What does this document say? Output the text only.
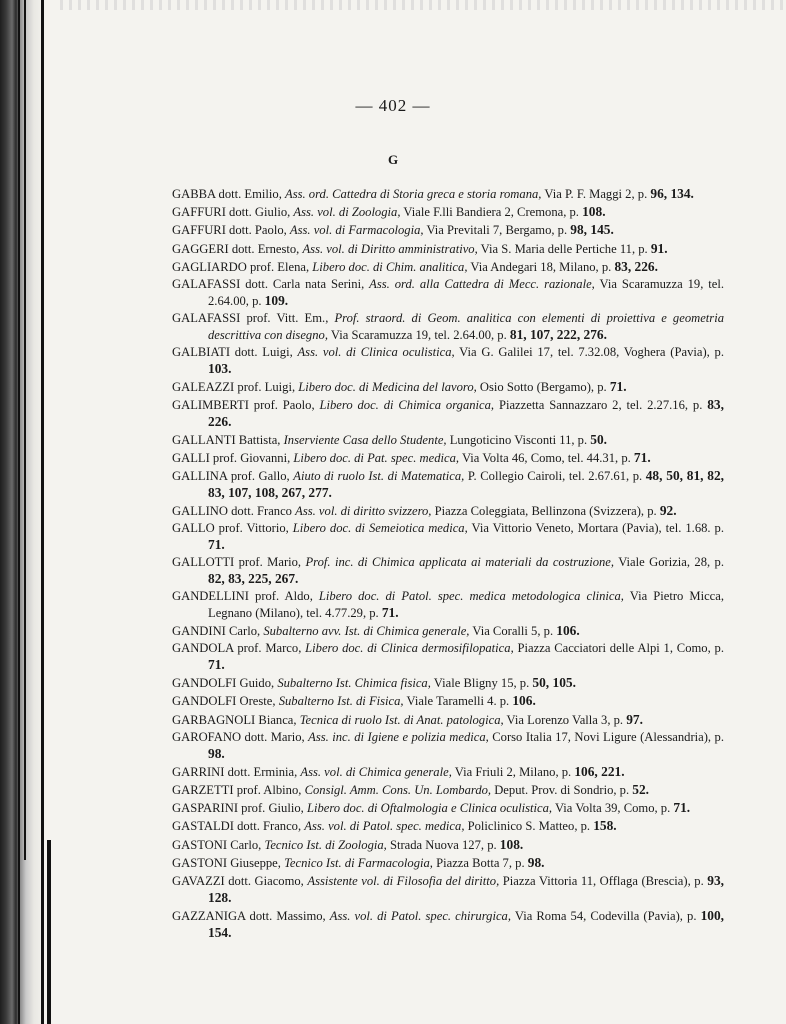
— 402 —
G
GABBA dott. Emilio, Ass. ord. Cattedra di Storia greca e storia romana, Via P. F. Maggi 2, p. 96, 134.
GAFFURI dott. Giulio, Ass. vol. di Zoologia, Viale F.lli Bandiera 2, Cremona, p. 108.
GAFFURI dott. Paolo, Ass. vol. di Farmacologia, Via Previtali 7, Bergamo, p. 98, 145.
GAGGERI dott. Ernesto, Ass. vol. di Diritto amministrativo, Via S. Maria delle Pertiche 11, p. 91.
GAGLIARDO prof. Elena, Libero doc. di Chim. analitica, Via Andegari 18, Milano, p. 83, 226.
GALAFASSI dott. Carla nata Serini, Ass. ord. alla Cattedra di Mecc. razionale, Via Scaramuzza 19, tel. 2.64.00, p. 109.
GALAFASSI prof. Vitt. Em., Prof. straord. di Geom. analitica con elementi di proiettiva e geometria descrittiva con disegno, Via Scaramuzza 19, tel. 2.64.00, p. 81, 107, 222, 276.
GALBIATI dott. Luigi, Ass. vol. di Clinica oculistica, Via G. Galilei 17, tel. 7.32.08, Voghera (Pavia), p. 103.
GALEAZZI prof. Luigi, Libero doc. di Medicina del lavoro, Osio Sotto (Bergamo), p. 71.
GALIMBERTI prof. Paolo, Libero doc. di Chimica organica, Piazzetta Sannazzaro 2, tel. 2.27.16, p. 83, 226.
GALLANTI Battista, Inserviente Casa dello Studente, Lungoticino Visconti 11, p. 50.
GALLI prof. Giovanni, Libero doc. di Pat. spec. medica, Via Volta 46, Como, tel. 44.31, p. 71.
GALLINA prof. Gallo, Aiuto di ruolo Ist. di Matematica, P. Collegio Cairoli, tel. 2.67.61, p. 48, 50, 81, 82, 83, 107, 108, 267, 277.
GALLINO dott. Franco Ass. vol. di diritto svizzero, Piazza Coleggiata, Bellinzona (Svizzera), p. 92.
GALLO prof. Vittorio, Libero doc. di Semeiotica medica, Via Vittorio Veneto, Mortara (Pavia), tel. 1.68. p. 71.
GALLOTTI prof. Mario, Prof. inc. di Chimica applicata ai materiali da costruzione, Viale Gorizia, 28, p. 82, 83, 225, 267.
GANDELLINI prof. Aldo, Libero doc. di Patol. spec. medica metodologica clinica, Via Pietro Micca, Legnano (Milano), tel. 4.77.29, p. 71.
GANDINI Carlo, Subalterno avv. Ist. di Chimica generale, Via Coralli 5, p. 106.
GANDOLA prof. Marco, Libero doc. di Clinica dermosifilopatica, Piazza Cacciatori delle Alpi 1, Como, p. 71.
GANDOLFI Guido, Subalterno Ist. Chimica fisica, Viale Bligny 15, p. 50, 105.
GANDOLFI Oreste, Subalterno Ist. di Fisica, Viale Taramelli 4. p. 106.
GARBAGNOLI Bianca, Tecnica di ruolo Ist. di Anat. patologica, Via Lorenzo Valla 3, p. 97.
GAROFANO dott. Mario, Ass. inc. di Igiene e polizia medica, Corso Italia 17, Novi Ligure (Alessandria), p. 98.
GARRINI dott. Erminia, Ass. vol. di Chimica generale, Via Friuli 2, Milano, p. 106, 221.
GARZETTI prof. Albino, Consigl. Amm. Cons. Un. Lombardo, Deput. Prov. di Sondrio, p. 52.
GASPARINI prof. Giulio, Libero doc. di Oftalmologia e Clinica oculistica, Via Volta 39, Como, p. 71.
GASTALDI dott. Franco, Ass. vol. di Patol. spec. medica, Policlinico S. Matteo, p. 158.
GASTONI Carlo, Tecnico Ist. di Zoologia, Strada Nuova 127, p. 108.
GASTONI Giuseppe, Tecnico Ist. di Farmacologia, Piazza Botta 7, p. 98.
GAVAZZI dott. Giacomo, Assistente vol. di Filosofia del diritto, Piazza Vittoria 11, Offlaga (Brescia), p. 93, 128.
GAZZANIGA dott. Massimo, Ass. vol. di Patol. spec. chirurgica, Via Roma 54, Codevilla (Pavia), p. 100, 154.
